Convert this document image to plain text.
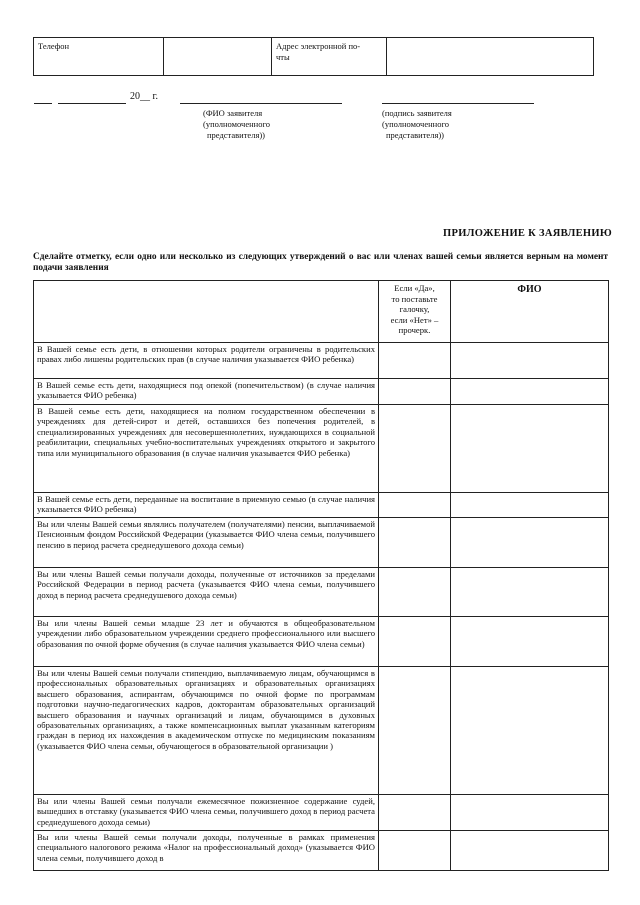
Телефон		Адрес электронной по-
чты	
20__ г.
(ФИО заявителя
(уполномоченного
представителя))
(подпись заявителя
(уполномоченного
представителя))
ПРИЛОЖЕНИЕ К ЗАЯВЛЕНИЮ
Сделайте отметку, если одно или несколько из следующих утверждений о вас или членах вашей семьи является верным на момент подачи заявления

	Если «Да»,
то поставьте
галочку,
если «Нет» –
прочерк.	ФИО
В Вашей семье есть дети, в отношении которых родители ограничены в родительских правах либо лишены родительских прав (в случае наличия указывается ФИО ребенка)		
В Вашей семье есть дети, находящиеся под опекой (попечительством) (в случае наличия указывается ФИО ребенка)		
В Вашей семье есть дети, находящиеся на полном государственном обеспечении в учреждениях для детей-сирот и детей, оставшихся без попечения родителей, в специализированных учреждениях для несовершеннолетних, нуждающихся в социальной реабилитации, специальных учебно-воспитательных учреждениях открытого и закрытого типа или муниципального образования (в случае наличия указывается ФИО ребенка)		
В Вашей семье есть дети, переданные на воспитание в приемную семью (в случае наличия указывается ФИО ребенка)		
Вы или члены Вашей семьи являлись получателем (получателями) пенсии, выплачиваемой Пенсионным фондом Российской Федерации (указывается ФИО члена семьи, получившего пенсию в период расчета среднедушевого дохода семьи)		
Вы или члены Вашей семьи получали доходы, полученные от источников за пределами Российской Федерации в период расчета (указывается ФИО члена семьи, получившего доход в период расчета среднедушевого дохода семьи)		
Вы или члены Вашей семьи младше 23 лет и обучаются в общеобразовательном учреждении либо образовательном учреждении среднего профессионального или высшего образования по очной форме обучения (в случае наличия указывается ФИО члена семьи)		
Вы или члены Вашей семьи получали стипендию, выплачиваемую лицам, обучающимся в профессиональных образовательных организациях и образовательных организациях высшего образования, аспирантам, обучающимся по очной форме по программам подготовки научно-педагогических кадров, докторантам образовательных организаций высшего образования и научных организаций и лицам, обучающимся в духовных образовательных организациях, а также компенсационных выплат указанным категориям граждан в период их нахождения в академическом отпуске по медицинским показаниям (указывается ФИО члена семьи, обучающегося в образовательной организации )		
Вы или члены Вашей семьи получали ежемесячное пожизненное содержание судей, вышедших в отставку (указывается ФИО члена семьи, получившего доход в период расчета среднедушевого дохода семьи)		
Вы или члены Вашей семьи получали доходы, полученные в рамках применения специального налогового режима «Налог на профессиональный доход» (указывается ФИО члена семьи, получившего доход в		
